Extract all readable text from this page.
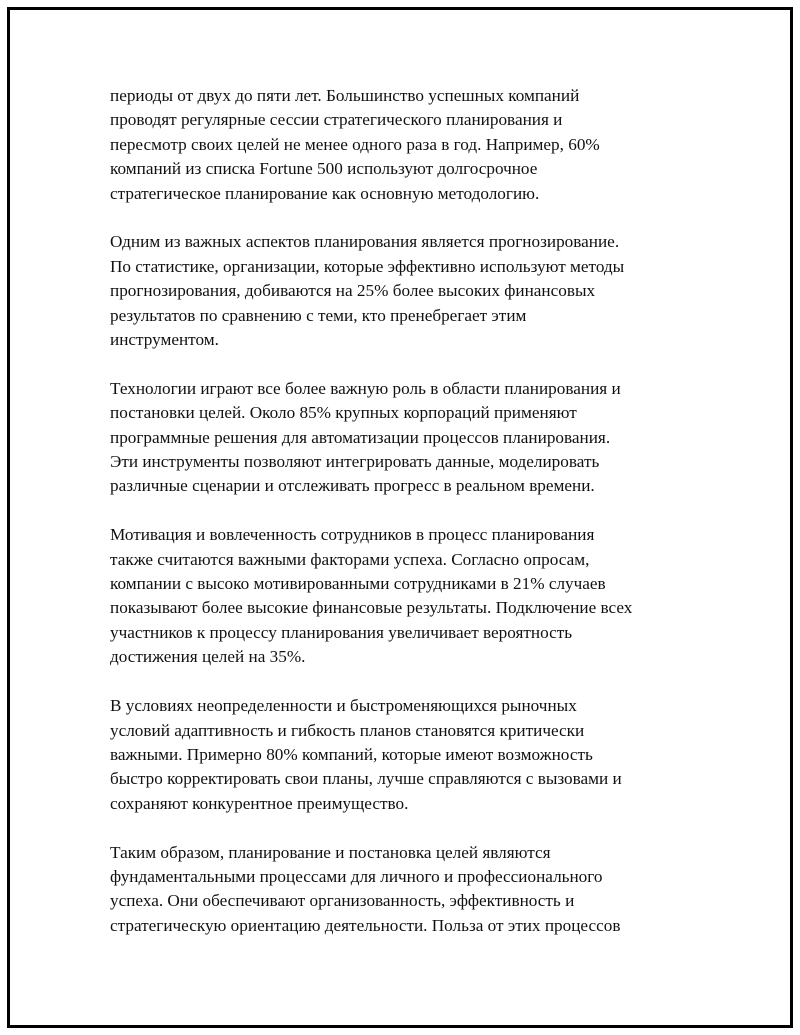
периоды от двух до пяти лет. Большинство успешных компаний
проводят регулярные сессии стратегического планирования и
пересмотр своих целей не менее одного раза в год. Например, 60%
компаний из списка Fortune 500 используют долгосрочное
стратегическое планирование как основную методологию.

Одним из важных аспектов планирования является прогнозирование.
По статистике, организации, которые эффективно используют методы
прогнозирования, добиваются на 25% более высоких финансовых
результатов по сравнению с теми, кто пренебрегает этим
инструментом.

Технологии играют все более важную роль в области планирования и
постановки целей. Около 85% крупных корпораций применяют
программные решения для автоматизации процессов планирования.
Эти инструменты позволяют интегрировать данные, моделировать
различные сценарии и отслеживать прогресс в реальном времени.

Мотивация и вовлеченность сотрудников в процесс планирования
также считаются важными факторами успеха. Согласно опросам,
компании с высоко мотивированными сотрудниками в 21% случаев
показывают более высокие финансовые результаты. Подключение всех
участников к процессу планирования увеличивает вероятность
достижения целей на 35%.

В условиях неопределенности и быстроменяющихся рыночных
условий адаптивность и гибкость планов становятся критически
важными. Примерно 80% компаний, которые имеют возможность
быстро корректировать свои планы, лучше справляются с вызовами и
сохраняют конкурентное преимущество.

Таким образом, планирование и постановка целей являются
фундаментальными процессами для личного и профессионального
успеха. Они обеспечивают организованность, эффективность и
стратегическую ориентацию деятельности. Польза от этих процессов
